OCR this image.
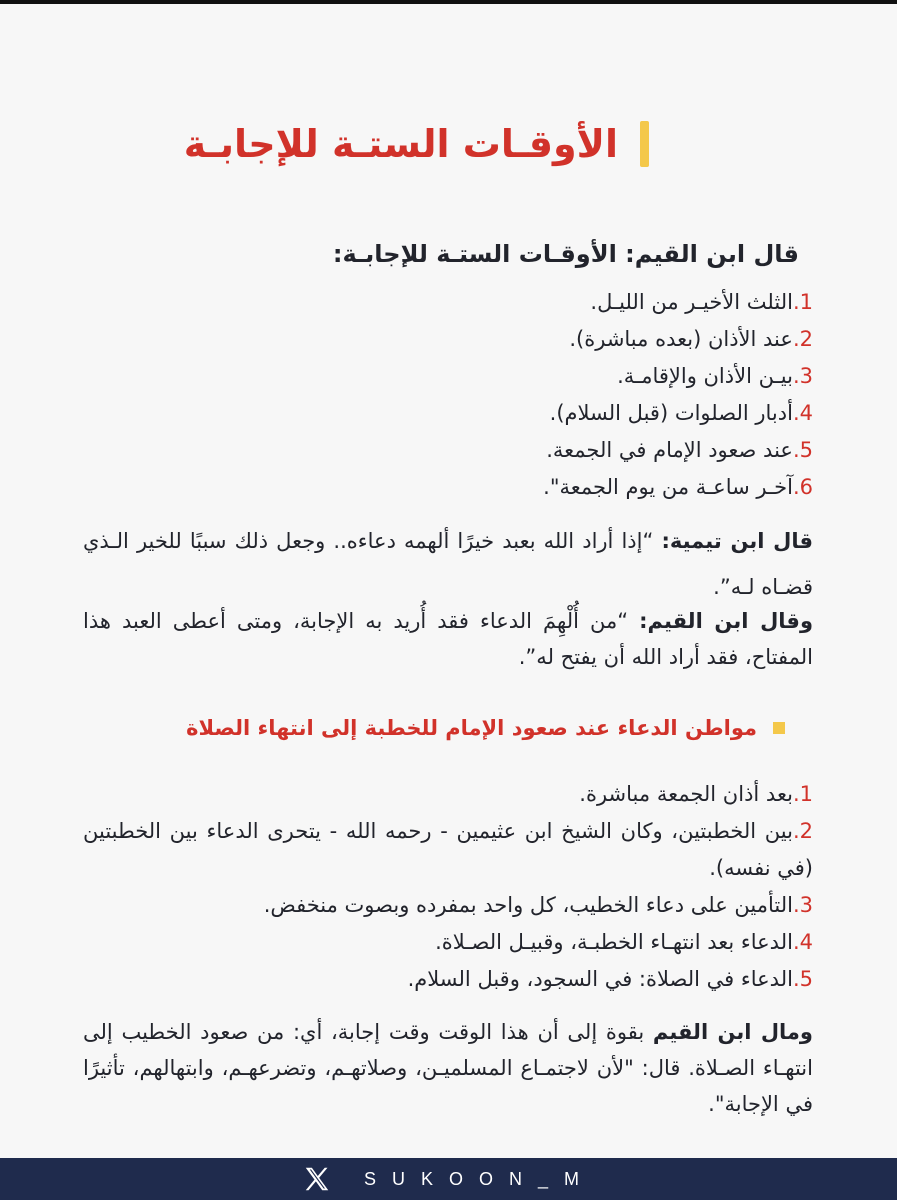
الأوقـات الستـة للإجابـة
قال ابن القيم: الأوقـات الستـة للإجابـة:
1.الثلث الأخيـر من الليـل.
2.عند الأذان (بعده مباشرة).
3.بيـن الأذان والإقامـة.
4.أدبار الصلوات (قبل السلام).
5.عند صعود الإمام في الجمعة.
6.آخـر ساعـة من يوم الجمعة".

قال ابن تيمية: “إذا أراد الله بعبد خيرًا ألهمه دعاءه.. وجعل ذلك سببًا للخير الـذي قضـاه لـه”.

وقال ابن القيم: “من أُلْهِمَ الدعاء فقد أُريد به الإجابة، ومتى أعطى العبد هذا المفتاح، فقد أراد الله أن يفتح له”.

مواطن الدعاء عند صعود الإمام للخطبة إلى انتهاء الصلاة
1.بعد أذان الجمعة مباشرة.
2.بين الخطبتين، وكان الشيخ ابن عثيمين - رحمه الله - يتحرى الدعاء بين الخطبتين (في نفسه).
3.التأمين على دعاء الخطيب، كل واحد بمفرده وبصوت منخفض.
4.الدعاء بعد انتهـاء الخطبـة، وقبيـل الصـلاة.
5.الدعاء في الصلاة: في السجود، وقبل السلام.

ومال ابن القيم بقوة إلى أن هذا الوقت وقت إجابة، أي: من صعود الخطيب إلى انتهـاء الصـلاة. قال: "لأن لاجتمـاع المسلميـن، وصلاتهـم، وتضرعهـم، وابتهالهم، تأثيرًا في الإجابة".

SUKOON_M
